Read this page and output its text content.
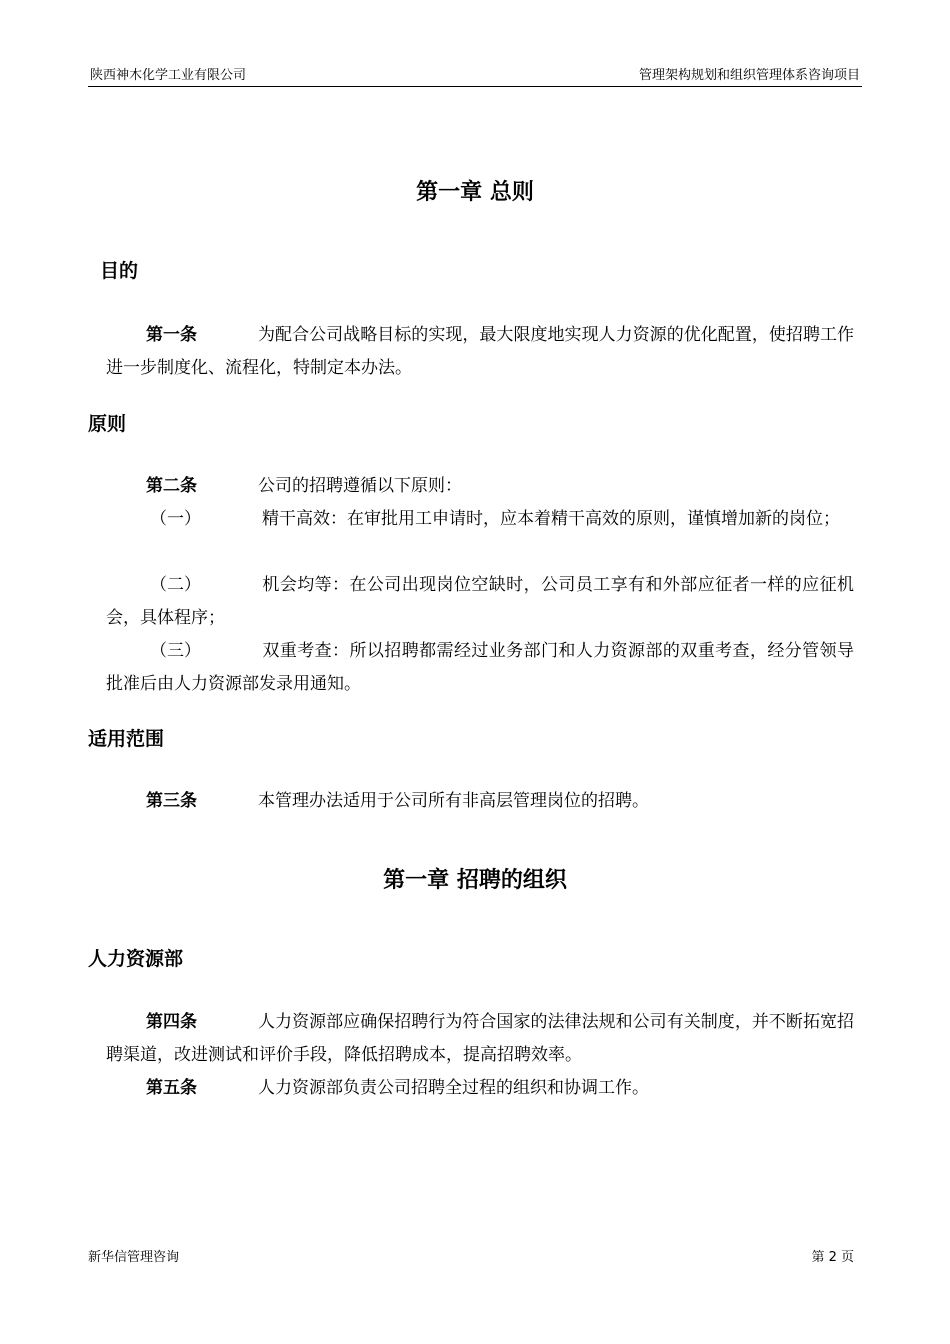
陕西神木化学工业有限公司	管理架构规划和组织管理体系咨询项目
第一章 总则
目的
第一条	为配合公司战略目标的实现，最大限度地实现人力资源的优化配置，使招聘工作进一步制度化、流程化，特制定本办法。
原则
第二条	公司的招聘遵循以下原则：
（一）	精干高效：在审批用工申请时，应本着精干高效的原则，谨慎增加新的岗位；
（二）	机会均等：在公司出现岗位空缺时，公司员工享有和外部应征者一样的应征机会，具体程序；
（三）	双重考查：所以招聘都需经过业务部门和人力资源部的双重考查，经分管领导批准后由人力资源部发录用通知。
适用范围
第三条	本管理办法适用于公司所有非高层管理岗位的招聘。
第一章 招聘的组织
人力资源部
第四条	人力资源部应确保招聘行为符合国家的法律法规和公司有关制度，并不断拓宽招聘渠道，改进测试和评价手段，降低招聘成本，提高招聘效率。
第五条	人力资源部负责公司招聘全过程的组织和协调工作。
新华信管理咨询	第 2 页
